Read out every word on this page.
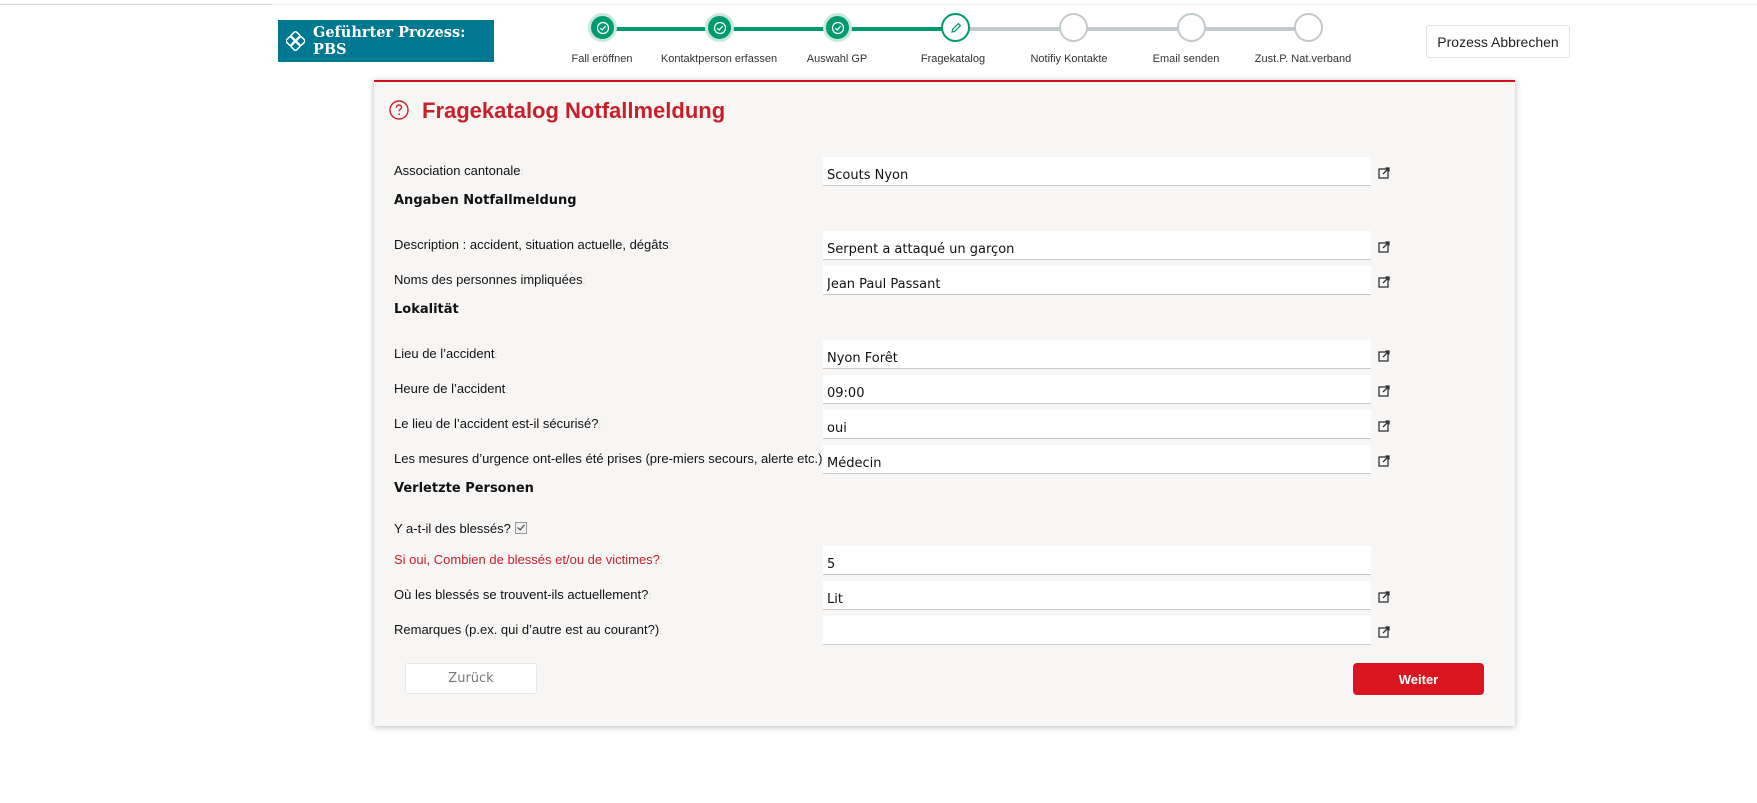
Geführter Prozess: PBS
Fall eröffnen	Kontaktperson erfassen	Auswahl GP	Fragekatalog	Notifiy Kontakte	Email senden	Zust.P. Nat.verband
Prozess Abbrechen
Fragekatalog Notfallmeldung
Association cantonale:
Scouts Nyon
Angaben Notfallmeldung
Description : accident, situation actuelle, dégâts:
Serpent a attaqué un garçon
Noms des personnes impliquées:
Jean Paul Passant
Lokalität
Lieu de l’accident:
Nyon Forêt
Heure de l’accident:
09:00
Le lieu de l’accident est-il sécurisé?:
oui
Les mesures d’urgence ont-elles été prises (pre-miers secours, alerte etc.)
Médecin
Verletzte Personen
Y a-t-il des blessés?
Si oui, Combien de blessés et/ou de victimes?:
5
Où les blessés se trouvent-ils actuellement?:
Lit
Remarques (p.ex. qui d’autre est au courant?):
Zurück	Weiter
